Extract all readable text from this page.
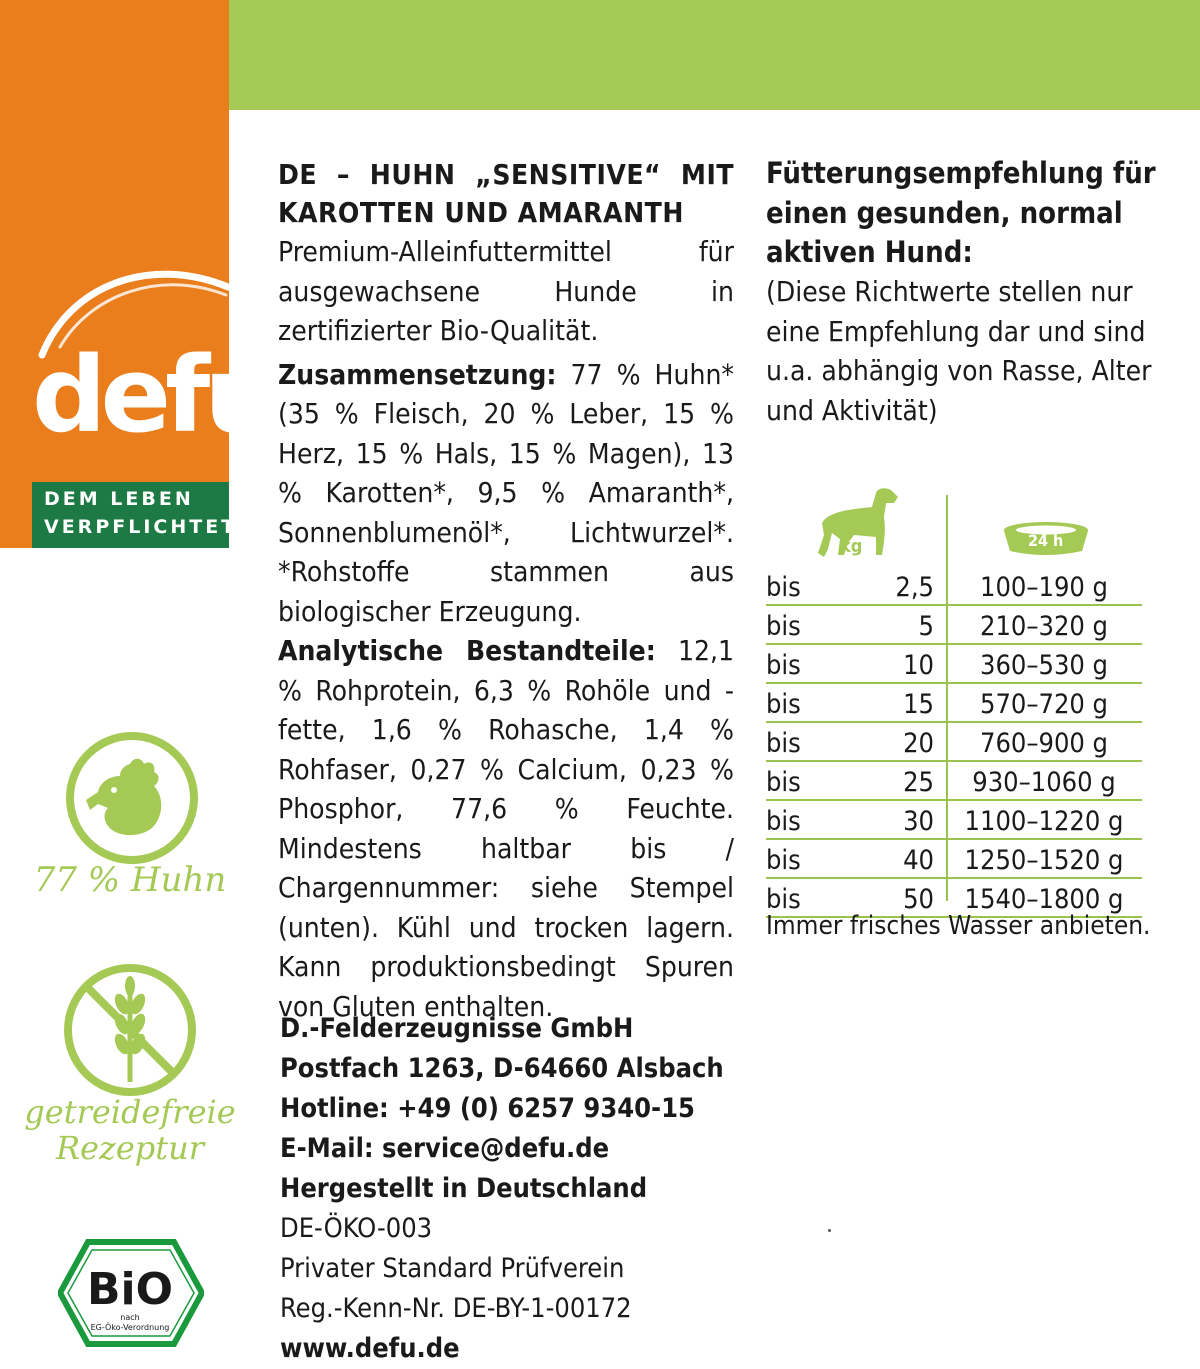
defu
DEM LEBEN
VERPFLICHTET
DE – HUHN „SENSITIVE“ MIT
KAROTTEN UND AMARANTH

Premium-Alleinfuttermittel für ausgewachsene Hunde in zertifizierter Bio-Qualität.

Zusammensetzung: 77 % Huhn* (35 % Fleisch, 20 % Leber, 15 % Herz, 15 % Hals, 15 % Magen), 13 % Karotten*, 9,5 % Amaranth*, Sonnenblumenöl*, Lichtwurzel*. *Rohstoffe stammen aus biologischer Erzeugung.

Analytische Bestandteile: 12,1 % Rohprotein, 6,3 % Rohöle und -fette, 1,6 % Rohasche, 1,4 % Rohfaser, 0,27 % Calcium, 0,23 % Phosphor, 77,6 % Feuchte. Mindestens haltbar bis / Chargennummer: siehe Stempel (unten). Kühl und trocken lagern. Kann produktionsbedingt Spuren von Gluten enthalten.

Fütterungsempfehlung für einen gesunden, normal aktiven Hund:
(Diese Richtwerte stellen nur eine Empfehlung dar und sind u.a. abhängig von Rasse, Alter und Aktivität)
kg	24 h
bis	2,5	100–190 g
bis	5	210–320 g
bis	10	360–530 g
bis	15	570–720 g
bis	20	760–900 g
bis	25	930–1060 g
bis	30	1100–1220 g
bis	40	1250–1520 g
bis	50	1540–1800 g
Immer frisches Wasser anbieten.
77 % Huhn
getreidefreie
Rezeptur
BiO
nach
EG-Öko-Verordnung
D.-Felderzeugnisse GmbH
Postfach 1263, D-64660 Alsbach
Hotline: +49 (0) 6257 9340-15
E-Mail: service@defu.de
Hergestellt in Deutschland
DE-ÖKO-003
Privater Standard Prüfverein
Reg.-Kenn-Nr. DE-BY-1-00172
www.defu.de
